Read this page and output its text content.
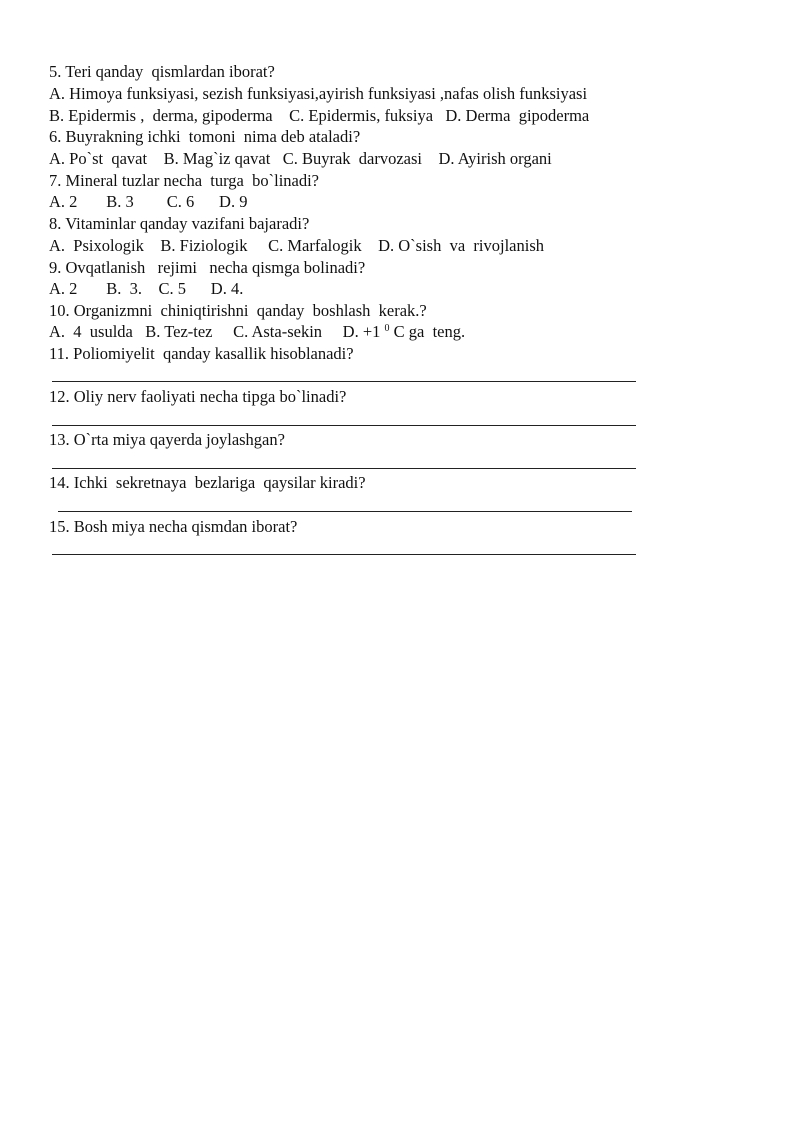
5. Teri qanday  qismlardan iborat?
A. Himoya funksiyasi, sezish funksiyasi,ayirish funksiyasi ,nafas olish funksiyasi
B. Epidermis ,  derma, gipoderma    C. Epidermis, fuksiya   D. Derma  gipoderma
6. Buyrakning ichki  tomoni  nima deb ataladi?
A. Po`st  qavat    B. Mag`iz qavat   C. Buyrak  darvozasi    D. Ayirish organi
7. Mineral tuzlar necha  turga  bo`linadi?
A. 2       B. 3        C. 6      D. 9
8. Vitaminlar qanday vazifani bajaradi?
A.  Psixologik    B. Fiziologik     C. Marfalogik    D. O`sish  va  rivojlanish
9. Ovqatlanish   rejimi   necha qismga bolinadi?
A. 2       B.  3.    C. 5      D. 4.
10. Organizmni  chiniqtirishni  qanday  boshlash  kerak.?
A.  4  usulda   B. Tez-tez     C. Asta-sekin     D. +1 $^0$ C ga  teng.
11. Poliomiyelit  qanday kasallik hisoblanadi?
12. Oliy nerv faoliyati necha tipga bo`linadi?
13. O`rta miya qayerda joylashgan?
14. Ichki  sekretnaya  bezlariga  qaysilar kiradi?
15. Bosh miya necha qismdan iborat?
